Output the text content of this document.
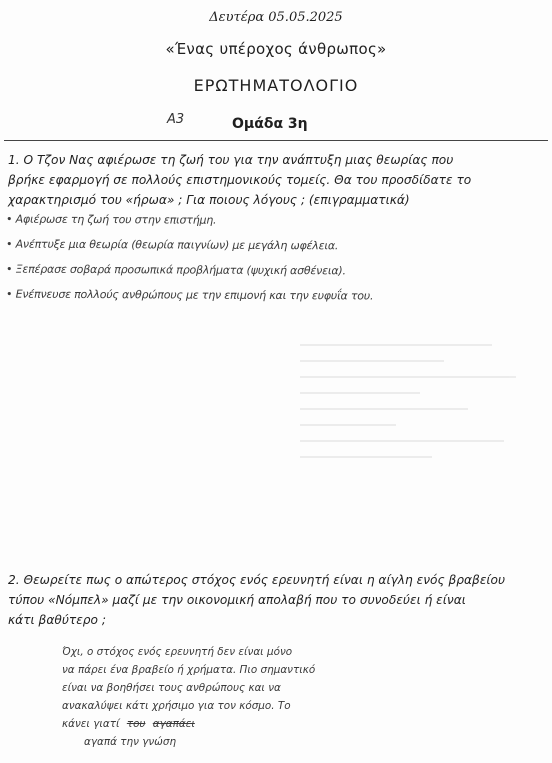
Δευτέρα 05.05.2025
«Ένας υπέροχος άνθρωπος»
ΕΡΩΤΗΜΑΤΟΛΟΓΙΟ
Α3	Ομάδα 3η
1. Ο Τζον Νας αφιέρωσε τη ζωή του για την ανάπτυξη μιας θεωρίας που
βρήκε εφαρμογή σε πολλούς επιστημονικούς τομείς. Θα του προσδίδατε το
χαρακτηρισμό του «ήρωα» ; Για ποιους λόγους ; (επιγραμματικά)
• Αφιέρωσε τη ζωή του στην επιστήμη.
• Ανέπτυξε μια θεωρία (θεωρία παιγνίων) με μεγάλη ωφέλεια.
• Ξεπέρασε σοβαρά προσωπικά προβλήματα (ψυχική ασθένεια).
• Ενέπνευσε πολλούς ανθρώπους με την επιμονή και την ευφυΐα του.
2. Θεωρείτε πως ο απώτερος στόχος ενός ερευνητή είναι η αίγλη ενός βραβείου
τύπου «Νόμπελ» μαζί με την οικονομική απολαβή που το συνοδεύει ή είναι
κάτι βαθύτερο ;
Όχι, ο στόχος ενός ερευνητή δεν είναι μόνο
να πάρει ένα βραβείο ή χρήματα. Πιο σημαντικό
είναι να βοηθήσει τους ανθρώπους και να
ανακαλύψει κάτι χρήσιμο για τον κόσμο. Το
κάνει γιατί του αγαπάει
αγαπά την γνώση
